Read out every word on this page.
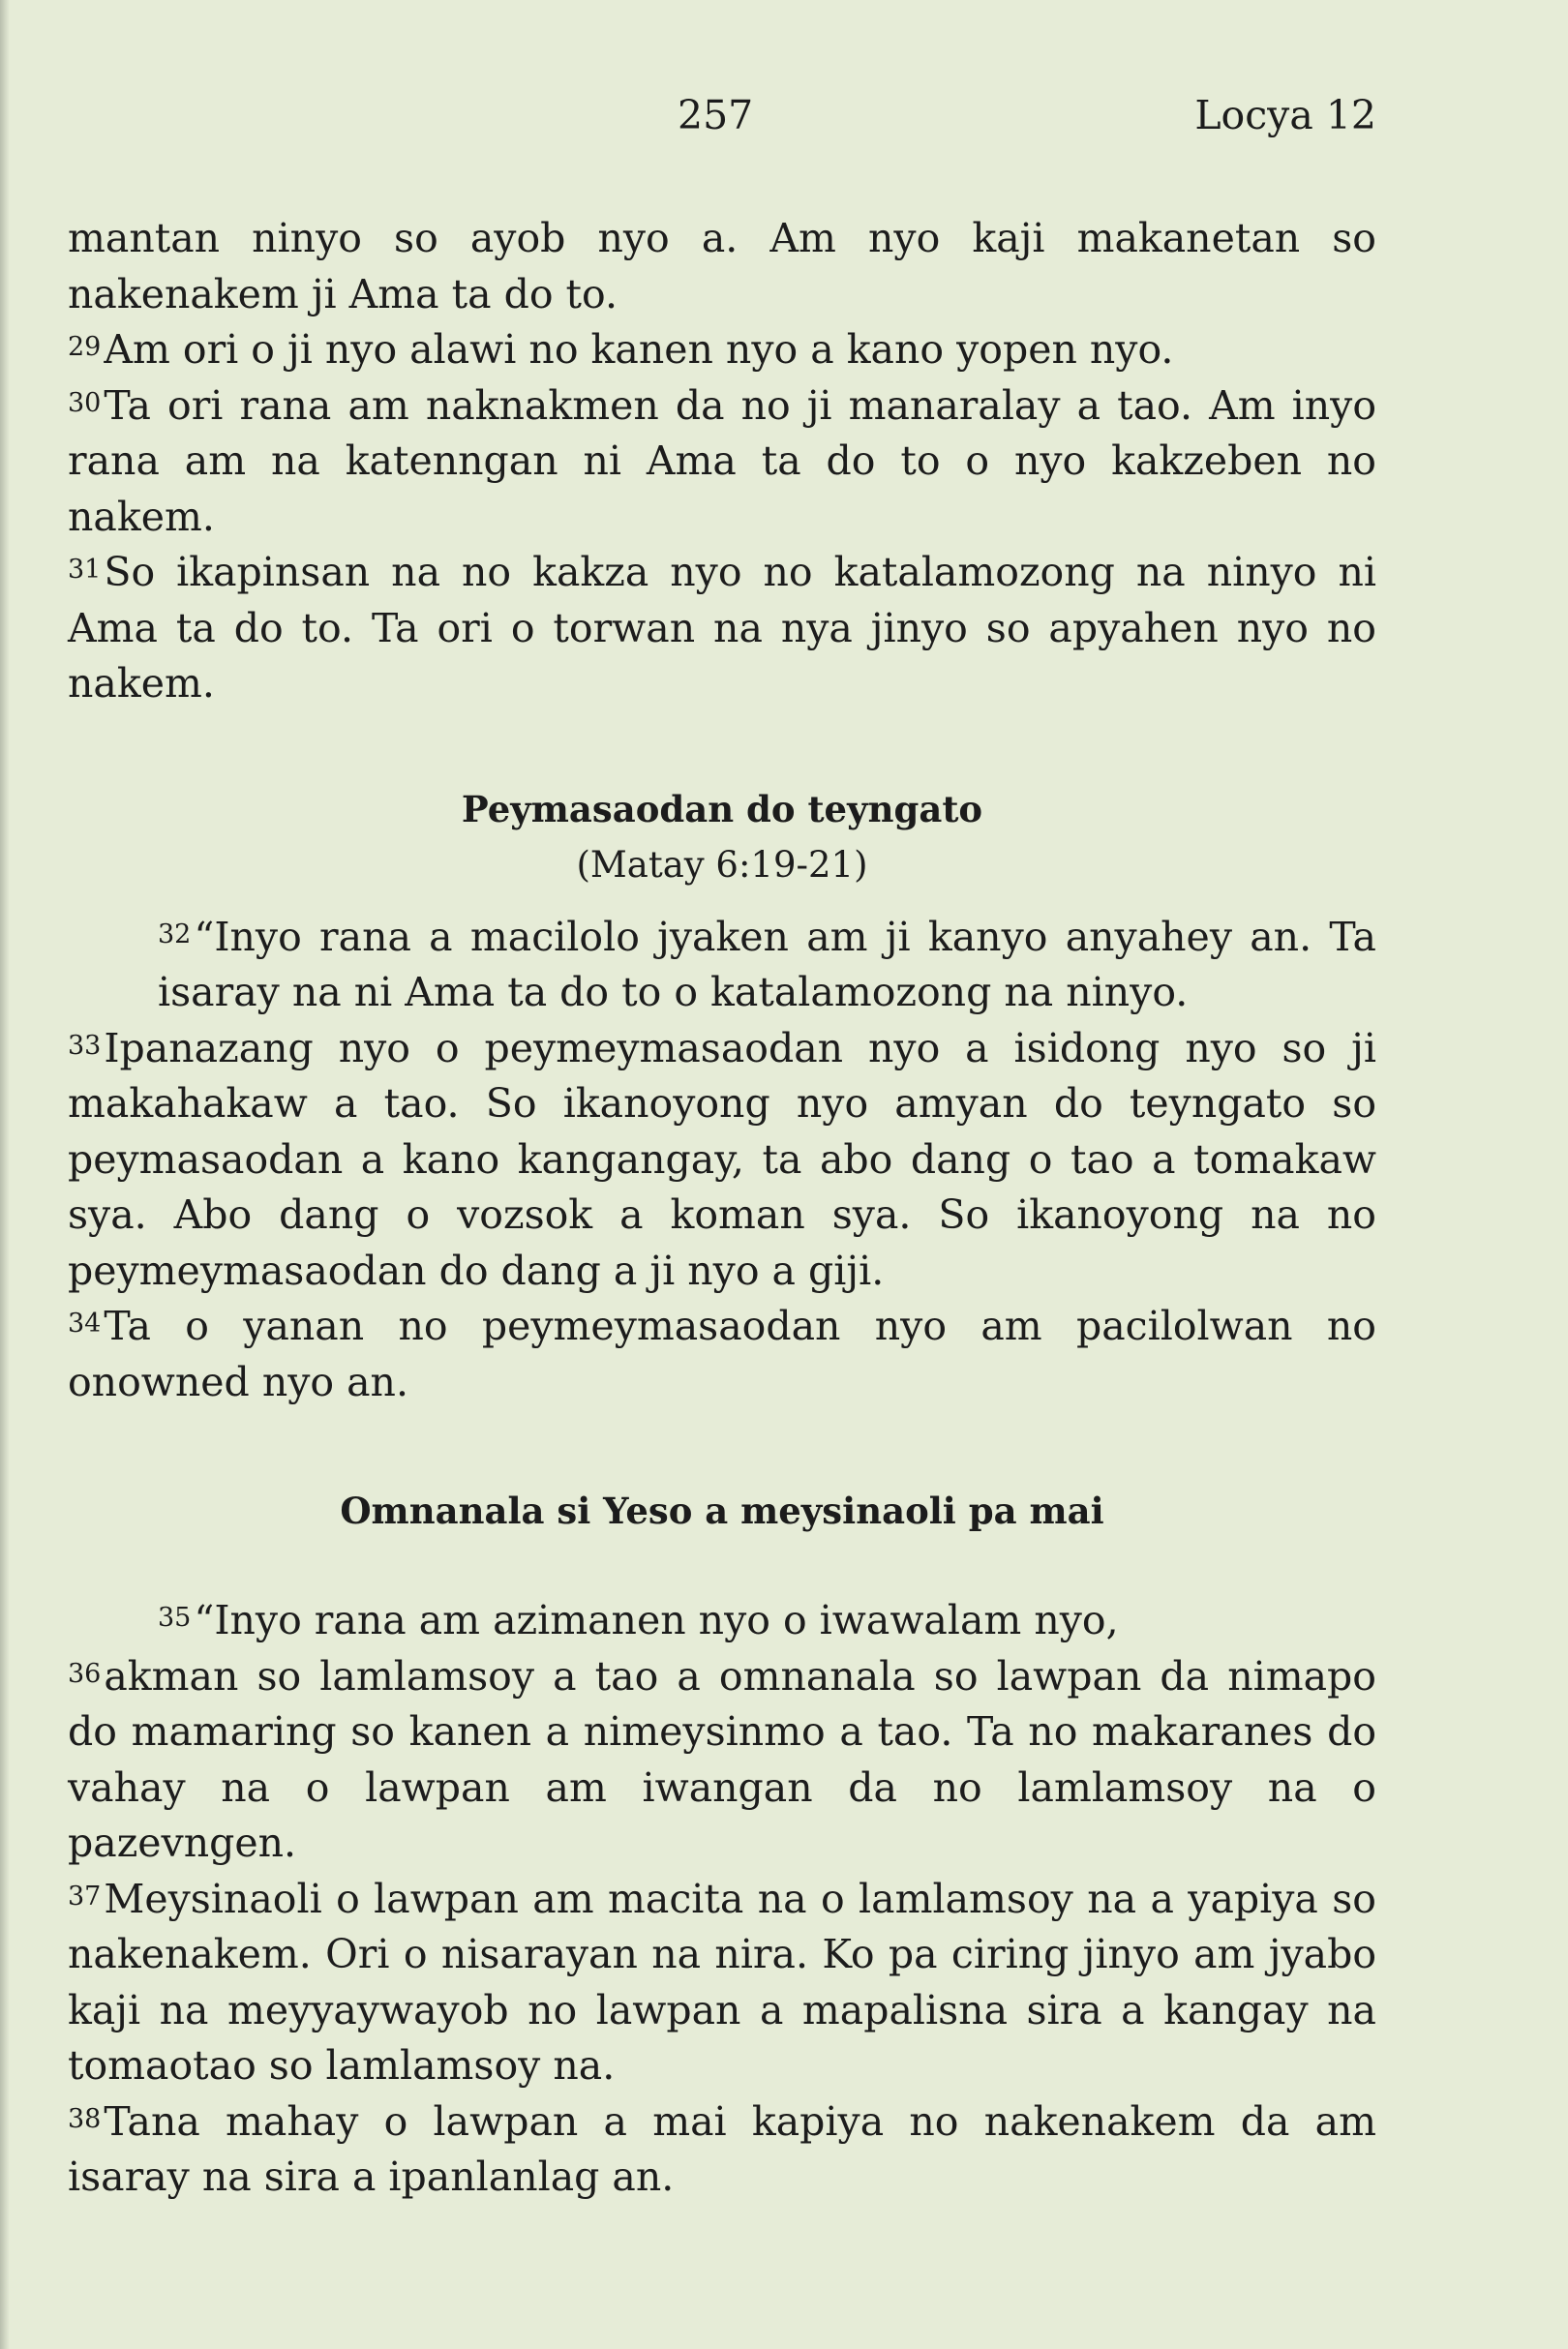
257	Locya 12

mantan ninyo so ayob nyo a. Am nyo kaji makanetan so nakenakem ji Ama ta do to.

29Am ori o ji nyo alawi no kanen nyo a kano yopen nyo.

30Ta ori rana am naknakmen da no ji manaralay a tao. Am inyo rana am na katenngan ni Ama ta do to o nyo kakzeben no nakem.

31So ikapinsan na no kakza nyo no katalamozong na ninyo ni Ama ta do to. Ta ori o torwan na nya jinyo so apyahen nyo no nakem.

Peymasaodan do teyngato
(Matay 6:19-21)

32“Inyo rana a macilolo jyaken am ji kanyo anyahey an. Ta isaray na ni Ama ta do to o katalamozong na ninyo.

33Ipanazang nyo o peymeymasaodan nyo a isidong nyo so ji makahakaw a tao. So ikanoyong nyo amyan do teyngato so peymasaodan a kano kangangay, ta abo dang o tao a tomakaw sya. Abo dang o vozsok a koman sya. So ikanoyong na no peymeymasaodan do dang a ji nyo a giji.

34Ta o yanan no peymeymasaodan nyo am pacilolwan no onowned nyo an.

Omnanala si Yeso a meysinaoli pa mai

35“Inyo rana am azimanen nyo o iwawalam nyo,

36akman so lamlamsoy a tao a omnanala so lawpan da nimapo do mamaring so kanen a nimeysinmo a tao. Ta no makaranes do vahay na o lawpan am iwangan da no lamlamsoy na o pazevngen.

37Meysinaoli o lawpan am macita na o lamlamsoy na a yapiya so nakenakem. Ori o nisarayan na nira. Ko pa ciring jinyo am jyabo kaji na meyyaywayob no lawpan a mapalisna sira a kangay na tomaotao so lamlamsoy na.

38Tana mahay o lawpan a mai kapiya no nakenakem da am isaray na sira a ipanlanlag an.
